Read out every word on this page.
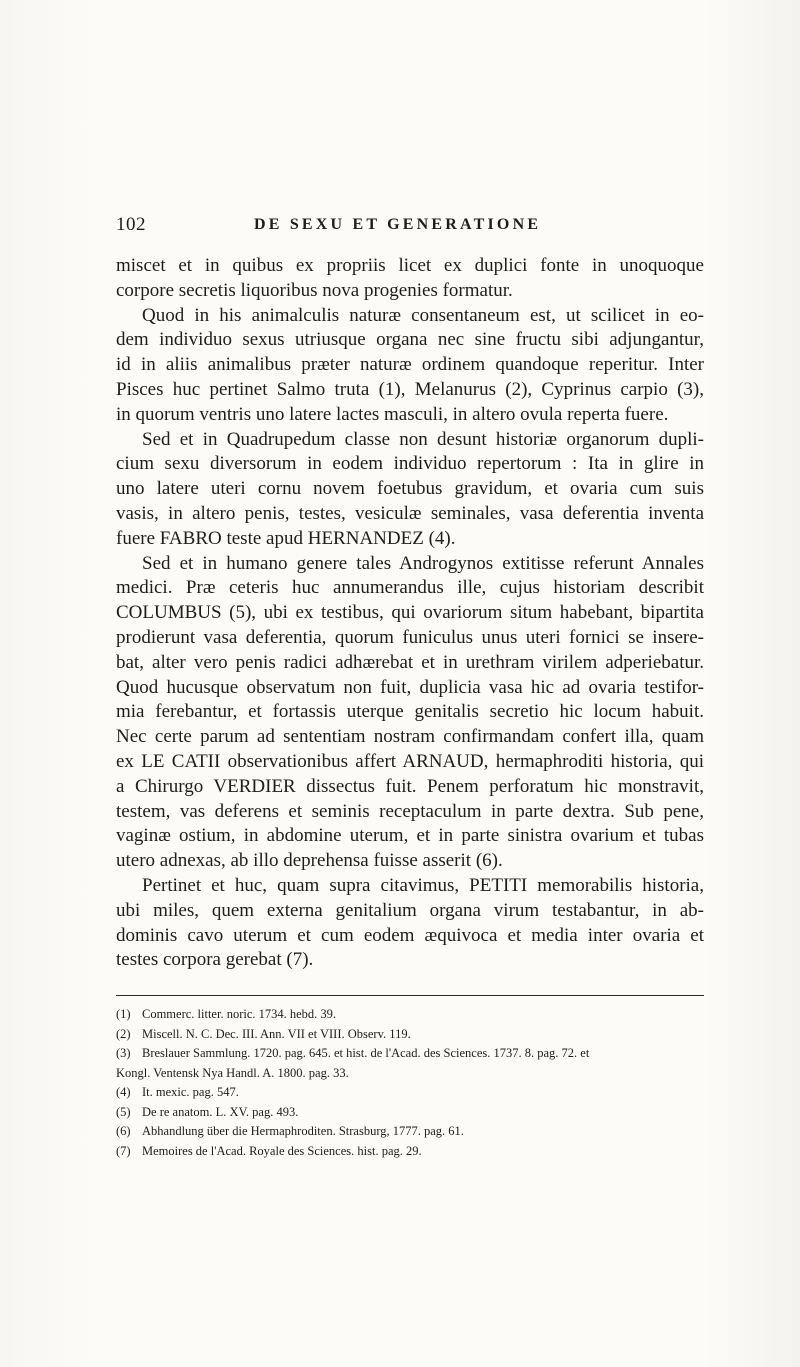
102	DE SEXU ET GENERATIONE
miscet et in quibus ex propriis licet ex duplici fonte in unoquoque
corpore secretis liquoribus nova progenies formatur.
Quod in his animalculis naturæ consentaneum est, ut scilicet in eo-
dem individuo sexus utriusque organa nec sine fructu sibi adjungantur,
id in aliis animalibus præter naturæ ordinem quandoque reperitur. Inter
Pisces huc pertinet Salmo truta (1), Melanurus (2), Cyprinus carpio (3),
in quorum ventris uno latere lactes masculi, in altero ovula reperta fuere.
Sed et in Quadrupedum classe non desunt historiæ organorum dupli-
cium sexu diversorum in eodem individuo repertorum : Ita in glire in
uno latere uteri cornu novem foetubus gravidum, et ovaria cum suis
vasis, in altero penis, testes, vesiculæ seminales, vasa deferentia inventa
fuere FABRO teste apud HERNANDEZ (4).
Sed et in humano genere tales Androgynos extitisse referunt Annales
medici. Præ ceteris huc annumerandus ille, cujus historiam describit
COLUMBUS (5), ubi ex testibus, qui ovariorum situm habebant, bipartita
prodierunt vasa deferentia, quorum funiculus unus uteri fornici se insere-
bat, alter vero penis radici adhærebat et in urethram virilem adperiebatur.
Quod hucusque observatum non fuit, duplicia vasa hic ad ovaria testifor-
mia ferebantur, et fortassis uterque genitalis secretio hic locum habuit.
Nec certe parum ad sententiam nostram confirmandam confert illa, quam
ex LE CATII observationibus affert ARNAUD, hermaphroditi historia, qui
a Chirurgo VERDIER dissectus fuit. Penem perforatum hic monstravit,
testem, vas deferens et seminis receptaculum in parte dextra. Sub pene,
vaginæ ostium, in abdomine uterum, et in parte sinistra ovarium et tubas
utero adnexas, ab illo deprehensa fuisse asserit (6).
Pertinet et huc, quam supra citavimus, PETITI memorabilis historia,
ubi miles, quem externa genitalium organa virum testabantur, in ab-
dominis cavo uterum et cum eodem æquivoca et media inter ovaria et
testes corpora gerebat (7).
(1) Commerc. litter. noric. 1734. hebd. 39.
(2) Miscell. N. C. Dec. III. Ann. VII et VIII. Observ. 119.
(3) Breslauer Sammlung. 1720. pag. 645. et hist. de l'Acad. des Sciences. 1737. 8. pag. 72. et
Kongl. Ventensk Nya Handl. A. 1800. pag. 33.
(4) It. mexic. pag. 547.
(5) De re anatom. L. XV. pag. 493.
(6) Abhandlung über die Hermaphroditen. Strasburg, 1777. pag. 61.
(7) Memoires de l'Acad. Royale des Sciences. hist. pag. 29.
